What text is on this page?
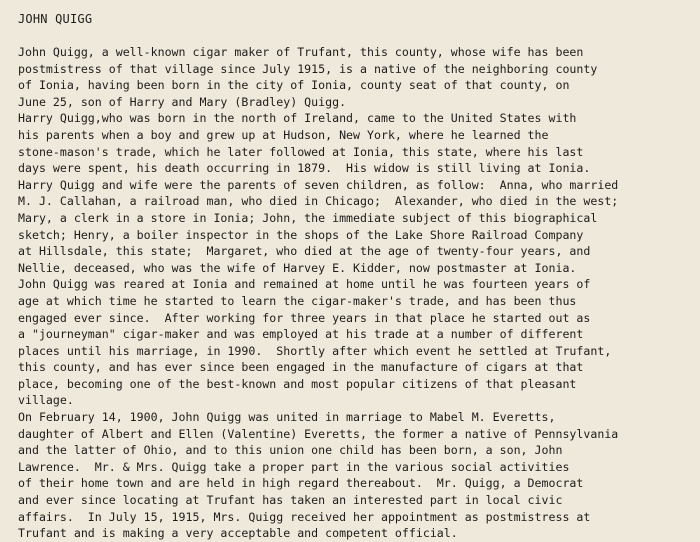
JOHN QUIGG
John Quigg, a well-known cigar maker of Trufant, this county, whose wife has been
postmistress of that village since July 1915, is a native of the neighboring county
of Ionia, having been born in the city of Ionia, county seat of that county, on
June 25, son of Harry and Mary (Bradley) Quigg.
Harry Quigg,who was born in the north of Ireland, came to the United States with
his parents when a boy and grew up at Hudson, New York, where he learned the
stone-mason's trade, which he later followed at Ionia, this state, where his last
days were spent, his death occurring in 1879.  His widow is still living at Ionia.
Harry Quigg and wife were the parents of seven children, as follow:  Anna, who married
M. J. Callahan, a railroad man, who died in Chicago;  Alexander, who died in the west;
Mary, a clerk in a store in Ionia; John, the immediate subject of this biographical
sketch; Henry, a boiler inspector in the shops of the Lake Shore Railroad Company
at Hillsdale, this state;  Margaret, who died at the age of twenty-four years, and
Nellie, deceased, who was the wife of Harvey E. Kidder, now postmaster at Ionia.
John Quigg was reared at Ionia and remained at home until he was fourteen years of
age at which time he started to learn the cigar-maker's trade, and has been thus
engaged ever since.  After working for three years in that place he started out as
a "journeyman" cigar-maker and was employed at his trade at a number of different
places until his marriage, in 1990.  Shortly after which event he settled at Trufant,
this county, and has ever since been engaged in the manufacture of cigars at that
place, becoming one of the best-known and most popular citizens of that pleasant
village.
On February 14, 1900, John Quigg was united in marriage to Mabel M. Everetts,
daughter of Albert and Ellen (Valentine) Everetts, the former a native of Pennsylvania
and the latter of Ohio, and to this union one child has been born, a son, John
Lawrence.  Mr. & Mrs. Quigg take a proper part in the various social activities
of their home town and are held in high regard thereabout.  Mr. Quigg, a Democrat
and ever since locating at Trufant has taken an interested part in local civic
affairs.  In July 15, 1915, Mrs. Quigg received her appointment as postmistress at
Trufant and is making a very acceptable and competent official.
